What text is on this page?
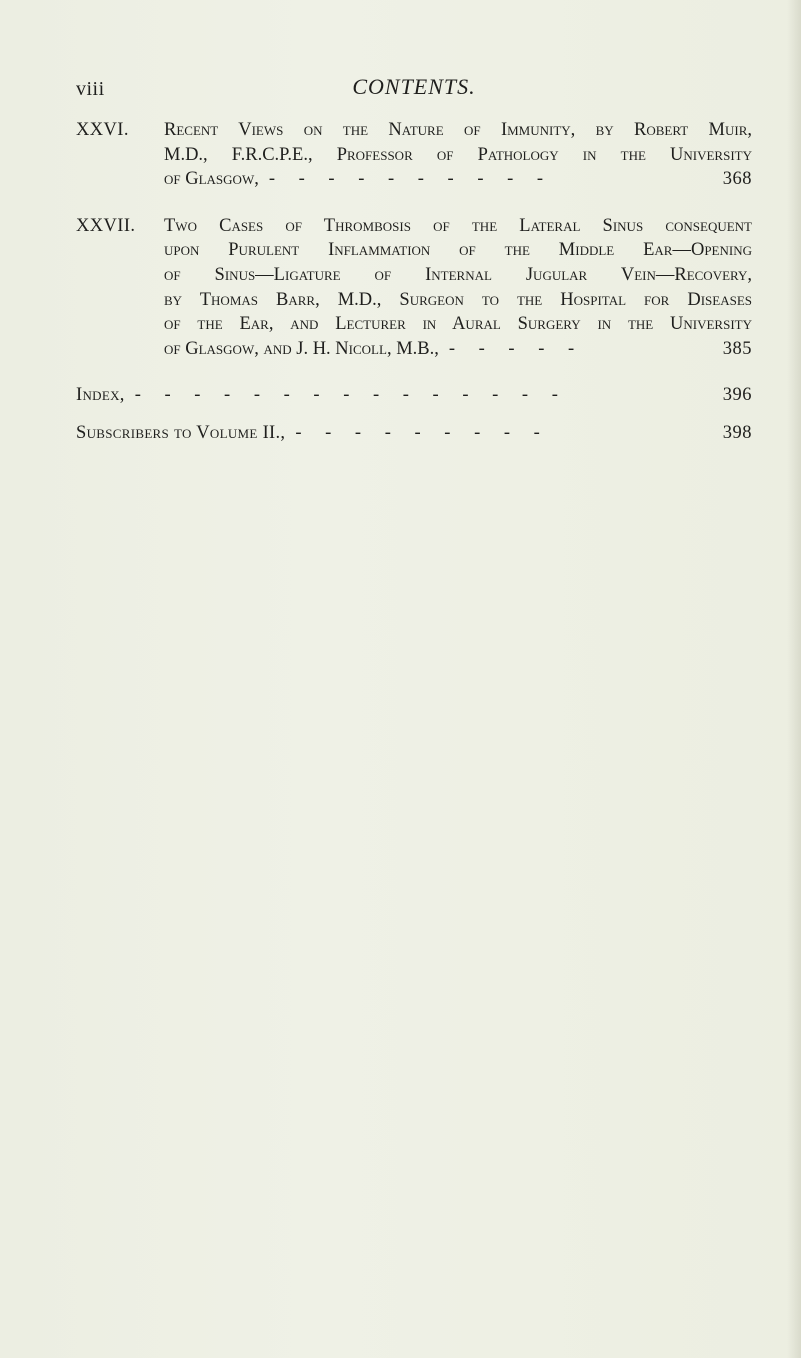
viii	CONTENTS.
XXVI. Recent Views on the Nature of Immunity, by Robert Muir,
M.D., F.R.C.P.E., Professor of Pathology in the University
of Glasgow, - - - - - - - - - -	368
XXVII. Two Cases of Thrombosis of the Lateral Sinus consequent
upon Purulent Inflammation of the Middle Ear—Opening
of Sinus—Ligature of Internal Jugular Vein—Recovery,
by Thomas Barr, M.D., Surgeon to the Hospital for Diseases
of the Ear, and Lecturer in Aural Surgery in the University
of Glasgow, and J. H. Nicoll, M.B., - - - - -	385
Index, - - - - - - - - - - - - - - -	396
Subscribers to Volume II., - - - - - - - - -	398
